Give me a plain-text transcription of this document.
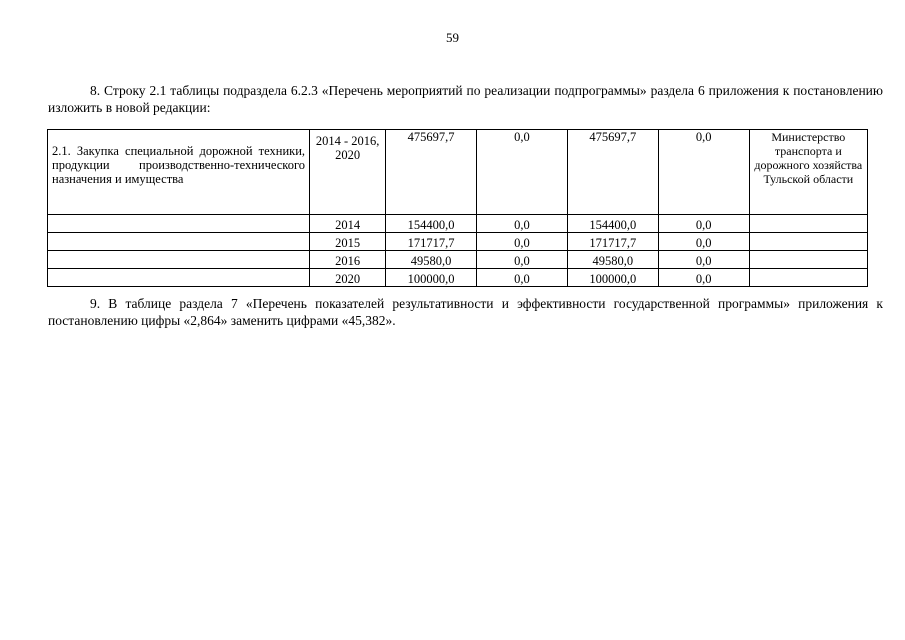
59
8. Строку 2.1 таблицы подраздела 6.2.3 «Перечень мероприятий по реализации подпрограммы» раздела 6 приложения к постановлению изложить в новой редакции:
2.1. Закупка специальной дорожной техники, продукции производственно-технического назначения и имущества	2014 - 2016, 2020	475697,7	0,0	475697,7	0,0	Министерство транспорта и дорожного хозяйства Тульской области
	2014	154400,0	0,0	154400,0	0,0	
	2015	171717,7	0,0	171717,7	0,0	
	2016	49580,0	0,0	49580,0	0,0	
	2020	100000,0	0,0	100000,0	0,0	
9. В таблице раздела 7 «Перечень показателей результативности и эффективности государственной программы» приложения к постановлению цифры «2,864» заменить цифрами «45,382».
